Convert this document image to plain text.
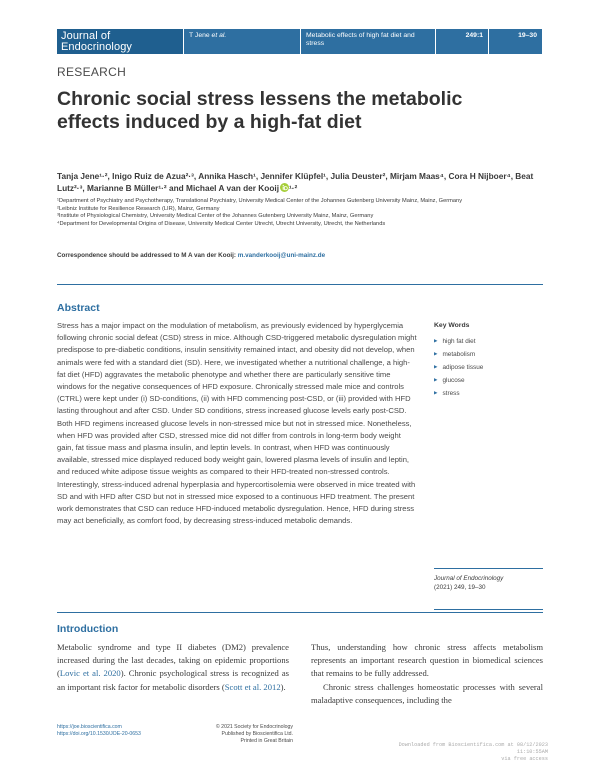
Journal of Endocrinology
T Jene et al.	Metabolic effects of high fat diet and stress
249:1	19–30
RESEARCH
Chronic social stress lessens the metabolic effects induced by a high-fat diet
Tanja Jene¹·², Inigo Ruiz de Azua²·³, Annika Hasch¹, Jennifer Klüpfel¹, Julia Deuster², Mirjam Maas⁴, Cora H Nijboer⁴, Beat Lutz²·³, Marianne B Müller¹·² and Michael A van der Kooij ¹·²
¹Department of Psychiatry and Psychotherapy, Translational Psychiatry, University Medical Center of the Johannes Gutenberg University Mainz, Mainz, Germany
²Leibniz Institute for Resilience Research (LIR), Mainz, Germany
³Institute of Physiological Chemistry, University Medical Center of the Johannes Gutenberg University Mainz, Mainz, Germany
⁴Department for Developmental Origins of Disease, University Medical Center Utrecht, Utrecht University, Utrecht, the Netherlands
Correspondence should be addressed to M A van der Kooij: m.vanderkooij@uni-mainz.de
Abstract

Stress has a major impact on the modulation of metabolism, as previously evidenced by hyperglycemia following chronic social defeat (CSD) stress in mice. Although CSD-triggered metabolic dysregulation might predispose to pre-diabetic conditions, insulin sensitivity remained intact, and obesity did not develop, when animals were fed with a standard diet (SD). Here, we investigated whether a nutritional challenge, a high-fat diet (HFD) aggravates the metabolic phenotype and whether there are particularly sensitive time windows for the negative consequences of HFD exposure. Chronically stressed male mice and controls (CTRL) were kept under (i) SD-conditions, (ii) with HFD commencing post-CSD, or (iii) provided with HFD lasting throughout and after CSD. Under SD conditions, stress increased glucose levels early post-CSD. Both HFD regimens increased glucose levels in non-stressed mice but not in stressed mice. Nonetheless, when HFD was provided after CSD, stressed mice did not differ from controls in long-term body weight gain, fat tissue mass and plasma insulin, and leptin levels. In contrast, when HFD was continuously available, stressed mice displayed reduced body weight gain, lowered plasma levels of insulin and leptin, and reduced white adipose tissue weights as compared to their HFD-treated non-stressed controls. Interestingly, stress-induced adrenal hyperplasia and hypercortisolemia were observed in mice treated with SD and with HFD after CSD but not in stressed mice exposed to a continuous HFD treatment. The present work demonstrates that CSD can reduce HFD-induced metabolic dysregulation. Hence, HFD during stress may act beneficially, as comfort food, by decreasing stress-induced metabolic demands.

Key Words
▶ high fat diet
▶ metabolism
▶ adipose tissue
▶ glucose
▶ stress
Journal of Endocrinology
(2021) 249, 19–30
Introduction
Metabolic syndrome and type II diabetes (DM2) prevalence increased during the last decades, taking on epidemic proportions (Lovic et al. 2020). Chronic psychological stress is recognized as an important risk factor for metabolic disorders (Scott et al. 2012).
Thus, understanding how chronic stress affects metabolism represents an important research question in biomedical sciences that remains to be fully addressed.
Chronic stress challenges homeostatic processes with several maladaptive consequences, including the
https://joe.bioscientifica.com
https://doi.org/10.1530/JOE-20-0653
© 2021 Society for Endocrinology
Published by Bioscientifica Ltd.
Printed in Great Britain
Downloaded from Bioscientifica.com at 08/12/2023 11:10:55AM
via free access
